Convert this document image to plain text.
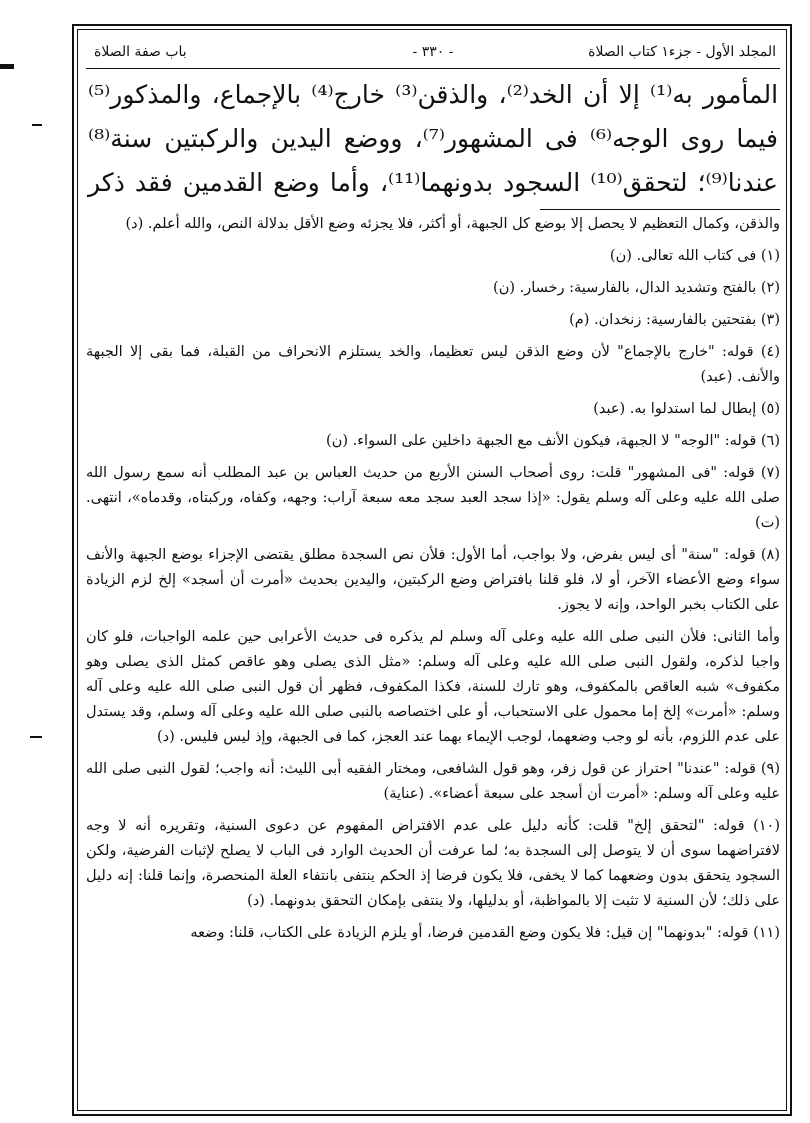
المجلد الأول - جزء١ كتاب الصلاة
- ٣٣٠ -
باب صفة الصلاة
المأمور به⁽¹⁾ إلا أن الخد⁽²⁾، والذقن⁽³⁾ خارج⁽⁴⁾ بالإجماع، والمذكور⁽⁵⁾
فيما روى الوجه⁽⁶⁾ فى المشهور⁽⁷⁾، ووضع اليدين والركبتين سنة⁽⁸⁾
عندنا⁽⁹⁾؛ لتحقق⁽¹⁰⁾ السجود بدونهما⁽¹¹⁾، وأما وضع القدمين فقد ذكر

والذقن، وكمال التعظيم لا يحصل إلا بوضع كل الجبهة، أو أكثر، فلا يجزئه وضع الأقل بدلالة النص، والله أعلم. (د)

(١) فى كتاب الله تعالى. (ن)

(٢) بالفتح وتشديد الدال، بالفارسية: رخسار. (ن)

(٣) بفتحتين بالفارسية: زنخدان. (م)

(٤) قوله: "خارج بالإجماع" لأن وضع الذقن ليس تعظيما، والخد يستلزم الانحراف من القبلة، فما بقى إلا الجبهة والأنف. (عبد)

(٥) إبطال لما استدلوا به. (عبد)

(٦) قوله: "الوجه" لا الجبهة، فيكون الأنف مع الجبهة داخلين على السواء. (ن)

(٧) قوله: "فى المشهور" قلت: روى أصحاب السنن الأربع من حديث العباس بن عبد المطلب أنه سمع رسول الله صلى الله عليه وعلى آله وسلم يقول: «إذا سجد العبد سجد معه سبعة آراب: وجهه، وكفاه، وركبتاه، وقدماه»، انتهى. (ت)

(٨) قوله: "سنة" أى ليس بفرض، ولا بواجب، أما الأول: فلأن نص السجدة مطلق يقتضى الإجزاء بوضع الجبهة والأنف سواء وضع الأعضاء الآخر، أو لا، فلو قلنا بافتراض وضع الركبتين، واليدين بحديث «أمرت أن أسجد» إلخ لزم الزيادة على الكتاب بخبر الواحد، وإنه لا يجوز.

وأما الثانى: فلأن النبى صلى الله عليه وعلى آله وسلم لم يذكره فى حديث الأعرابى حين علمه الواجبات، فلو كان واجبا لذكره، ولقول النبى صلى الله عليه وعلى آله وسلم: «مثل الذى يصلى وهو عاقص كمثل الذى يصلى وهو مكفوف» شبه العاقص بالمكفوف، وهو تارك للسنة، فكذا المكفوف، فظهر أن قول النبى صلى الله عليه وعلى آله وسلم: «أمرت» إلخ إما محمول على الاستحباب، أو على اختصاصه بالنبى صلى الله عليه وعلى آله وسلم، وقد يستدل على عدم اللزوم، بأنه لو وجب وضعهما، لوجب الإيماء بهما عند العجز، كما فى الجبهة، وإذ ليس فليس. (د)

(٩) قوله: "عندنا" احتراز عن قول زفر، وهو قول الشافعى، ومختار الفقيه أبى الليث: أنه واجب؛ لقول النبى صلى الله عليه وعلى آله وسلم: «أمرت أن أسجد على سبعة أعضاء». (عناية)

(١٠) قوله: "لتحقق إلخ" قلت: كأنه دليل على عدم الافتراض المفهوم عن دعوى السنية، وتقريره أنه لا وجه لافتراضهما سوى أن لا يتوصل إلى السجدة به؛ لما عرفت أن الحديث الوارد فى الباب لا يصلح لإثبات الفرضية، ولكن السجود يتحقق بدون وضعهما كما لا يخفى، فلا يكون فرضا إذ الحكم ينتفى بانتفاء العلة المنحصرة، وإنما قلنا: إنه دليل على ذلك؛ لأن السنية لا تثبت إلا بالمواظبة، أو بدليلها، ولا ينتفى بإمكان التحقق بدونهما. (د)

(١١) قوله: "بدونهما" إن قيل: فلا يكون وضع القدمين فرضا، أو يلزم الزيادة على الكتاب، قلنا: وضعه
